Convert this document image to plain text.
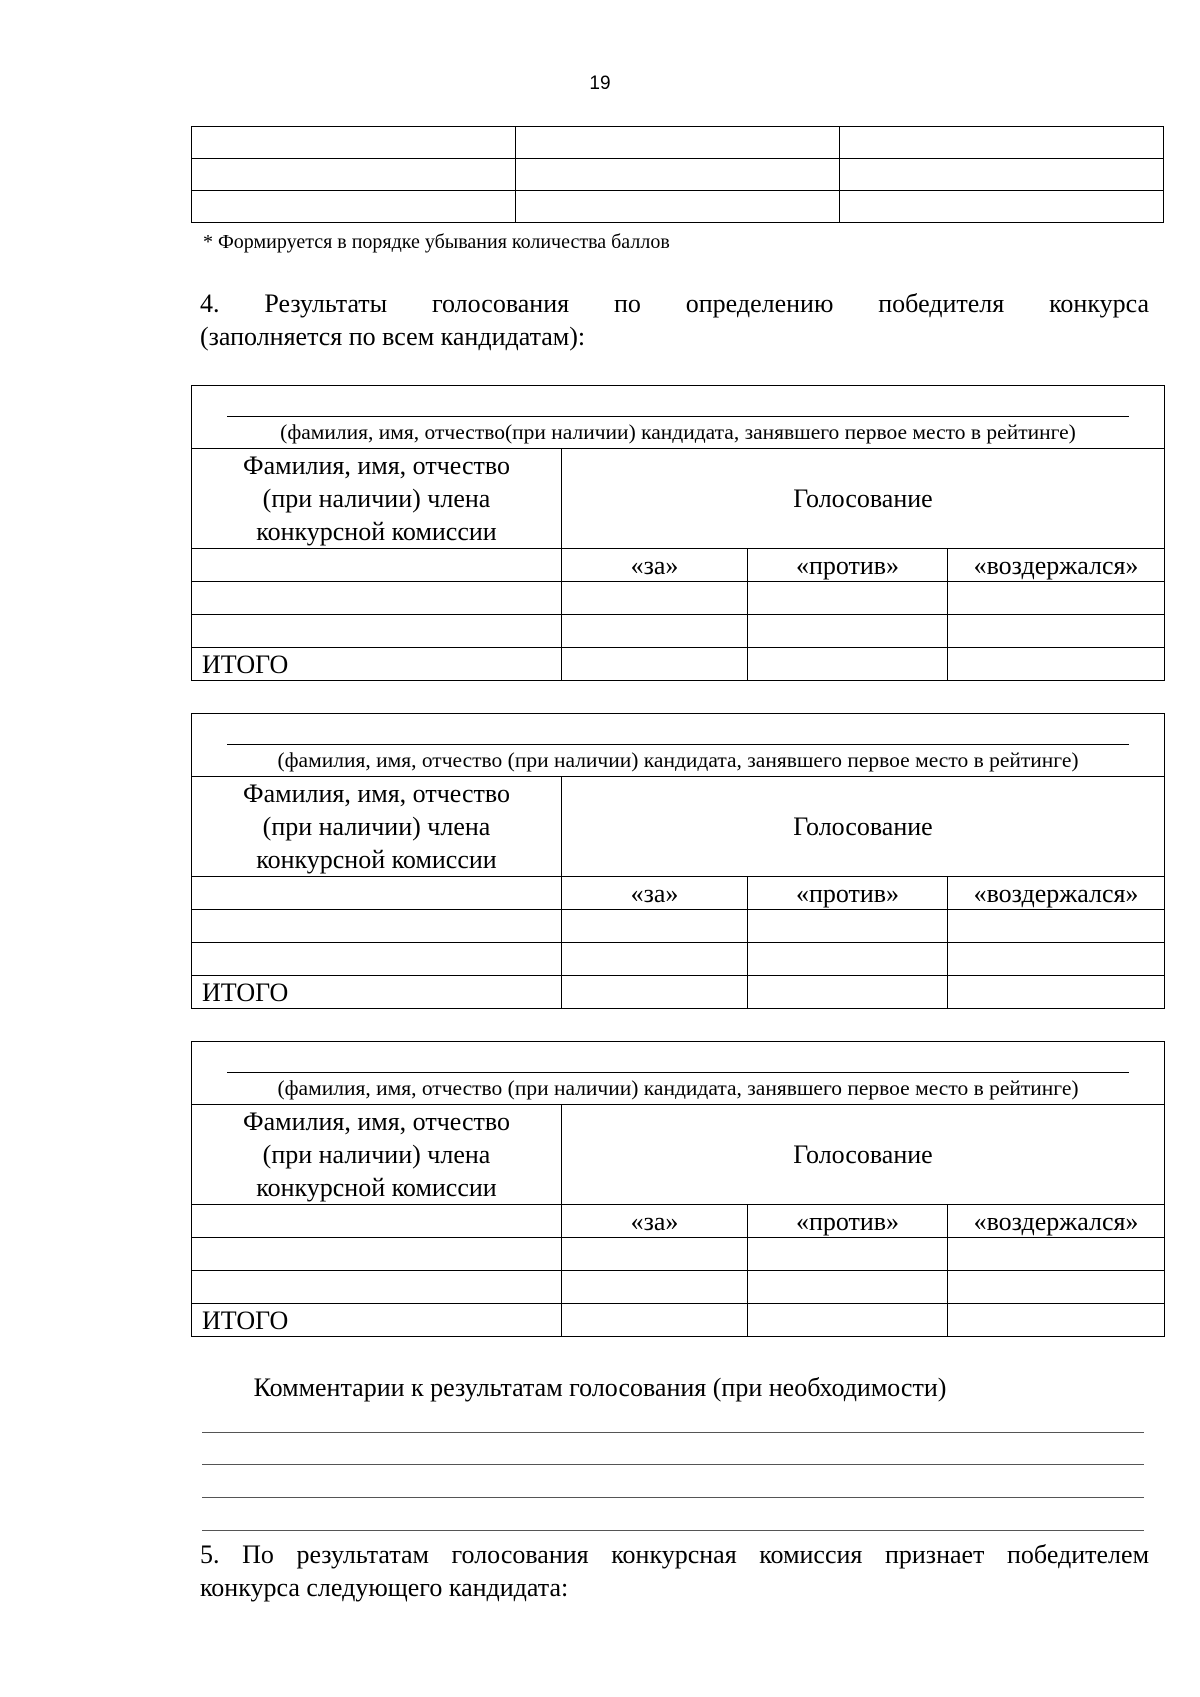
19

* Формируется в порядке убывания количества баллов
4. Результаты голосования по определению победителя конкурса
(заполняется по всем кандидатам):
(фамилия, имя, отчество(при наличии) кандидата, занявшего первое место в рейтинге)			

Фамилия, имя, отчество
(при наличии) члена
конкурсной комиссии	Голосование		
	«за»	«против»	«воздержался»

ИТОГО			
(фамилия, имя, отчество (при наличии) кандидата, занявшего первое место в рейтинге)			

Фамилия, имя, отчество
(при наличии) члена
конкурсной комиссии	Голосование		
	«за»	«против»	«воздержался»

ИТОГО			
(фамилия, имя, отчество (при наличии) кандидата, занявшего первое место в рейтинге)			

Фамилия, имя, отчество
(при наличии) члена
конкурсной комиссии	Голосование		
	«за»	«против»	«воздержался»

ИТОГО			
Комментарии к результатам голосования (при необходимости)
5. По результатам голосования конкурсная комиссия признает победителем
конкурса следующего кандидата:
